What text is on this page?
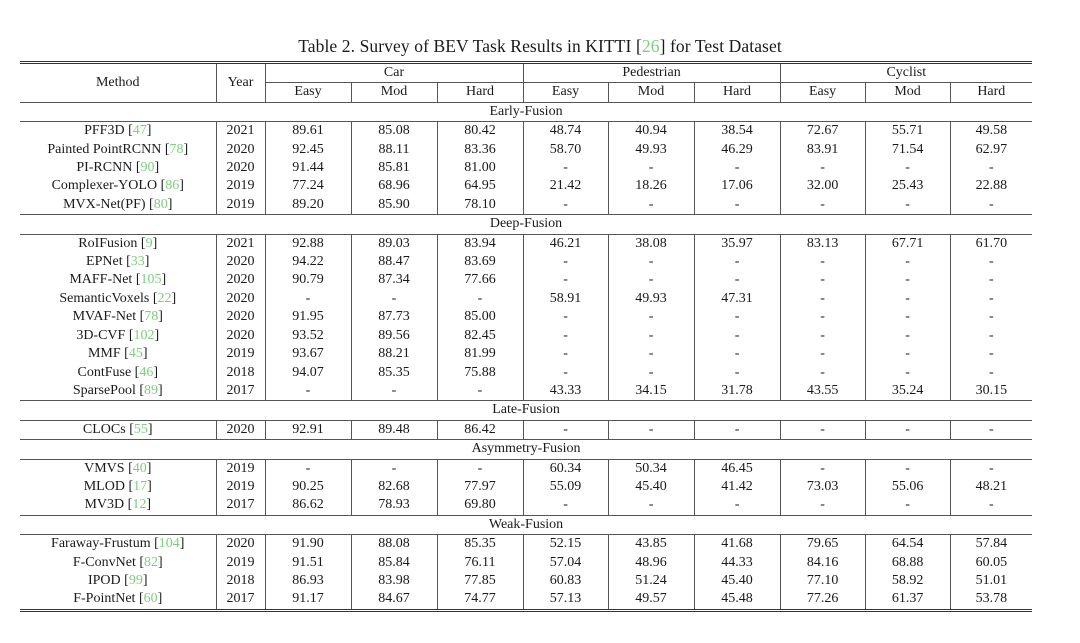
Table 2. Survey of BEV Task Results in KITTI [26] for Test Dataset
Method	Year	Car			Pedestrian			Cyclist		
		Easy	Mod	Hard	Easy	Mod	Hard	Easy	Mod	Hard
Early-Fusion										
PFF3D [47]	2021	89.61	85.08	80.42	48.74	40.94	38.54	72.67	55.71	49.58
Painted PointRCNN [78]	2020	92.45	88.11	83.36	58.70	49.93	46.29	83.91	71.54	62.97
PI-RCNN [90]	2020	91.44	85.81	81.00	-	-	-	-	-	-
Complexer-YOLO [86]	2019	77.24	68.96	64.95	21.42	18.26	17.06	32.00	25.43	22.88
MVX-Net(PF) [80]	2019	89.20	85.90	78.10	-	-	-	-	-	-
Deep-Fusion										
RoIFusion [9]	2021	92.88	89.03	83.94	46.21	38.08	35.97	83.13	67.71	61.70
EPNet [33]	2020	94.22	88.47	83.69	-	-	-	-	-	-
MAFF-Net [105]	2020	90.79	87.34	77.66	-	-	-	-	-	-
SemanticVoxels [22]	2020	-	-	-	58.91	49.93	47.31	-	-	-
MVAF-Net [78]	2020	91.95	87.73	85.00	-	-	-	-	-	-
3D-CVF [102]	2020	93.52	89.56	82.45	-	-	-	-	-	-
MMF [45]	2019	93.67	88.21	81.99	-	-	-	-	-	-
ContFuse [46]	2018	94.07	85.35	75.88	-	-	-	-	-	-
SparsePool [89]	2017	-	-	-	43.33	34.15	31.78	43.55	35.24	30.15
Late-Fusion										
CLOCs [55]	2020	92.91	89.48	86.42	-	-	-	-	-	-
Asymmetry-Fusion										
VMVS [40]	2019	-	-	-	60.34	50.34	46.45	-	-	-
MLOD [17]	2019	90.25	82.68	77.97	55.09	45.40	41.42	73.03	55.06	48.21
MV3D [12]	2017	86.62	78.93	69.80	-	-	-	-	-	-
Weak-Fusion										
Faraway-Frustum [104]	2020	91.90	88.08	85.35	52.15	43.85	41.68	79.65	64.54	57.84
F-ConvNet [82]	2019	91.51	85.84	76.11	57.04	48.96	44.33	84.16	68.88	60.05
IPOD [99]	2018	86.93	83.98	77.85	60.83	51.24	45.40	77.10	58.92	51.01
F-PointNet [60]	2017	91.17	84.67	74.77	57.13	49.57	45.48	77.26	61.37	53.78
